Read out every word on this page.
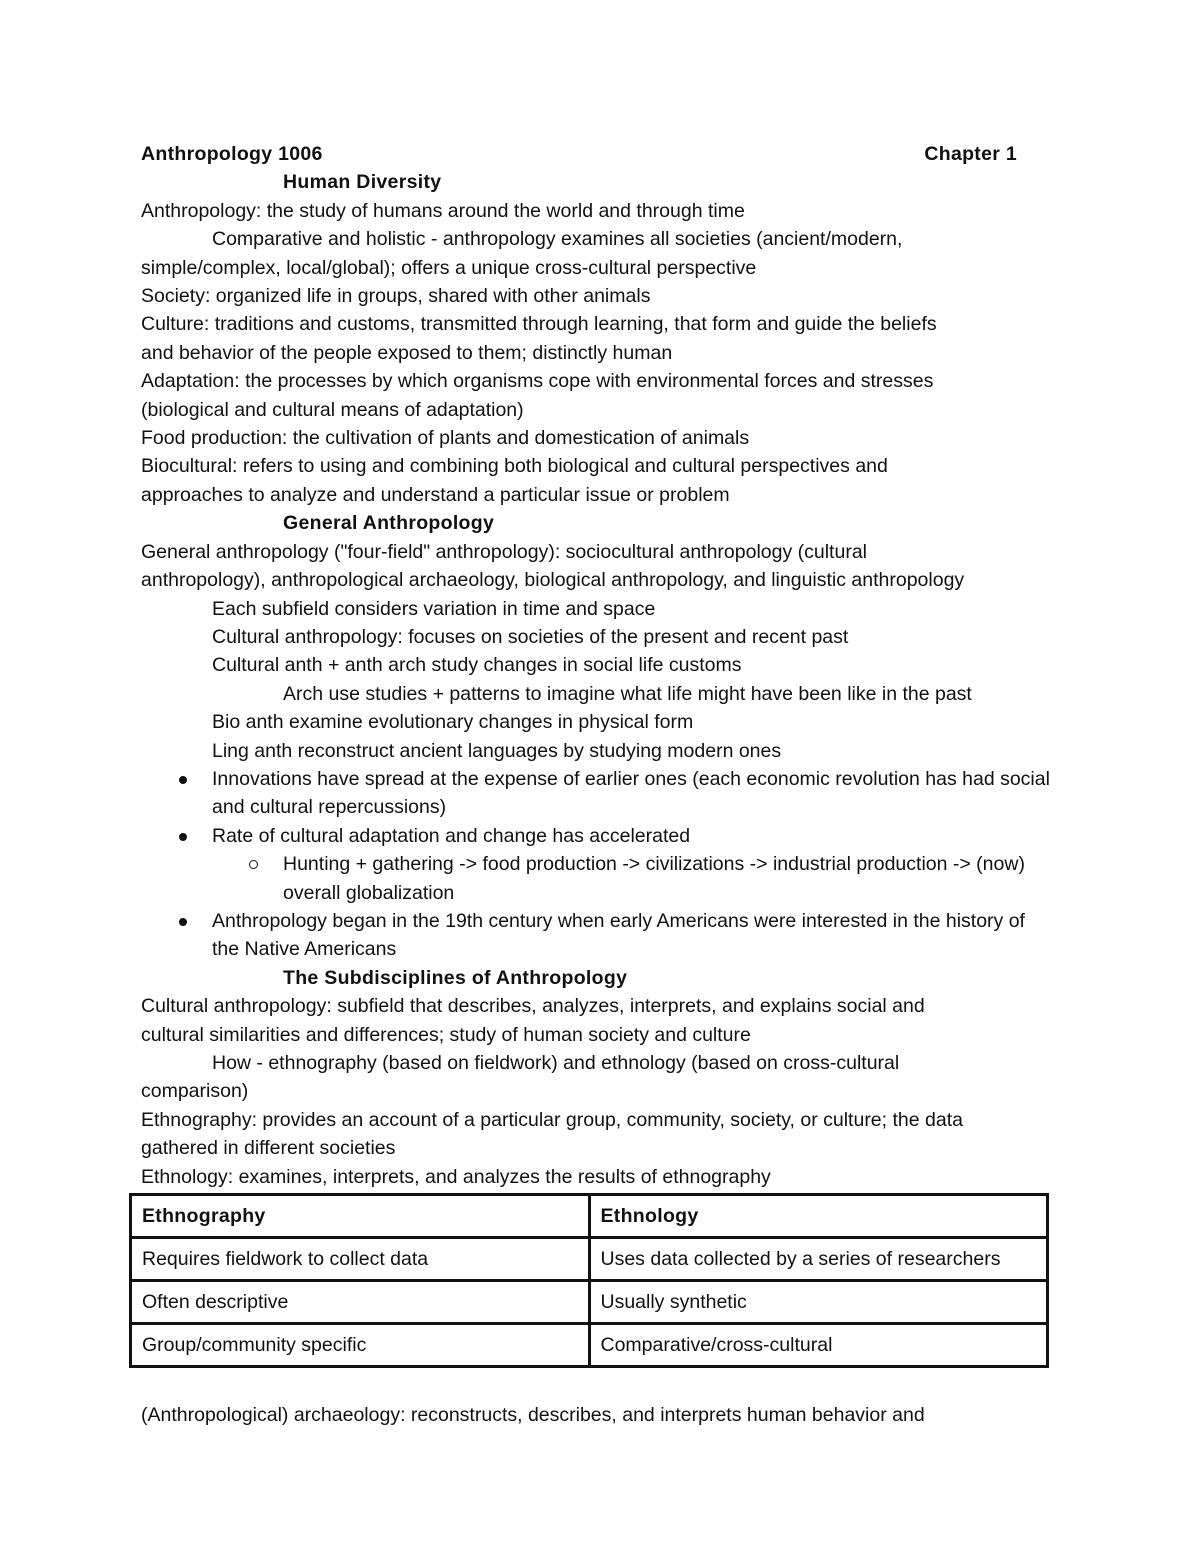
Anthropology 1006	Chapter 1

Human Diversity

Anthropology: the study of humans around the world and through time

Comparative and holistic - anthropology examines all societies (ancient/modern,

simple/complex, local/global); offers a unique cross-cultural perspective

Society: organized life in groups, shared with other animals

Culture: traditions and customs, transmitted through learning, that form and guide the beliefs

and behavior of the people exposed to them; distinctly human

Adaptation: the processes by which organisms cope with environmental forces and stresses

(biological and cultural means of adaptation)

Food production: the cultivation of plants and domestication of animals

Biocultural: refers to using and combining both biological and cultural perspectives and

approaches to analyze and understand a particular issue or problem

General Anthropology

General anthropology ("four-field" anthropology): sociocultural anthropology (cultural

anthropology), anthropological archaeology, biological anthropology, and linguistic anthropology

Each subfield considers variation in time and space

Cultural anthropology: focuses on societies of the present and recent past

Cultural anth + anth arch study changes in social life customs

Arch use studies + patterns to imagine what life might have been like in the past

Bio anth examine evolutionary changes in physical form

Ling anth reconstruct ancient languages by studying modern ones

Innovations have spread at the expense of earlier ones (each economic revolution has had social and cultural repercussions)

Rate of cultural adaptation and change has accelerated

Hunting + gathering -> food production -> civilizations -> industrial production -> (now) overall globalization

Anthropology began in the 19th century when early Americans were interested in the history of the Native Americans

The Subdisciplines of Anthropology

Cultural anthropology: subfield that describes, analyzes, interprets, and explains social and

cultural similarities and differences; study of human society and culture

How - ethnography (based on fieldwork) and ethnology (based on cross-cultural

comparison)

Ethnography: provides an account of a particular group, community, society, or culture; the data

gathered in different societies

Ethnology: examines, interprets, and analyzes the results of ethnography

Ethnography	Ethnology
Requires fieldwork to collect data	Uses data collected by a series of researchers
Often descriptive	Usually synthetic
Group/community specific	Comparative/cross-cultural

(Anthropological) archaeology: reconstructs, describes, and interprets human behavior and
